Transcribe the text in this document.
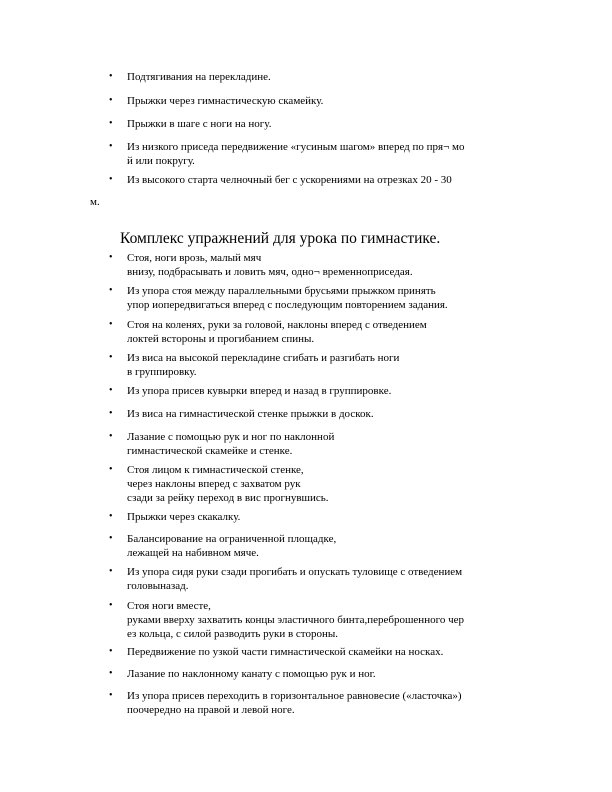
• Подтягивания на перекладине.
• Прыжки через гимнастическую скамейку.
• Прыжки в шаге с ноги на ногу.
• Из низкого приседа передвижение «гусиным шагом» вперед по пря¬ мо
й или покругу.
• Из высокого старта челночный бег с ускорениями на отрезках 20 - 30
м.
Комплекс упражнений для урока по гимнастике.
• Стоя, ноги врозь, малый мяч
внизу, подбрасывать и ловить мяч, одно¬ временноприседая.
• Из упора стоя между параллельными брусьями прыжком принять
упор иопередвигаться вперед с последующим повторением задания.
• Стоя на коленях, руки за головой, наклоны вперед с отведением
локтей встороны и прогибанием спины.
• Из виса на высокой перекладине сгибать и разгибать ноги
в группировку.
• Из упора присев кувырки вперед и назад в группировке.
• Из виса на гимнастической стенке прыжки в доскок.
• Лазание с помощью рук и ног по наклонной
гимнастической скамейке и стенке.
• Стоя лицом к гимнастической стенке,
через наклоны вперед с захватом рук
сзади за рейку переход в вис прогнувшись.
• Прыжки через скакалку.
• Балансирование на ограниченной площадке,
лежащей на набивном мяче.
• Из упора сидя руки сзади прогибать и опускать туловище с отведением
головыназад.
• Стоя ноги вместе,
руками вверху захватить концы эластичного бинта,переброшенного чер
ез кольца, с силой разводить руки в стороны.
• Передвижение по узкой части гимнастической скамейки на носках.
• Лазание по наклонному канату с помощью рук и ног.
• Из упора присев переходить в горизонтальное равновесие («ласточка»)
поочередно на правой и левой ноге.
